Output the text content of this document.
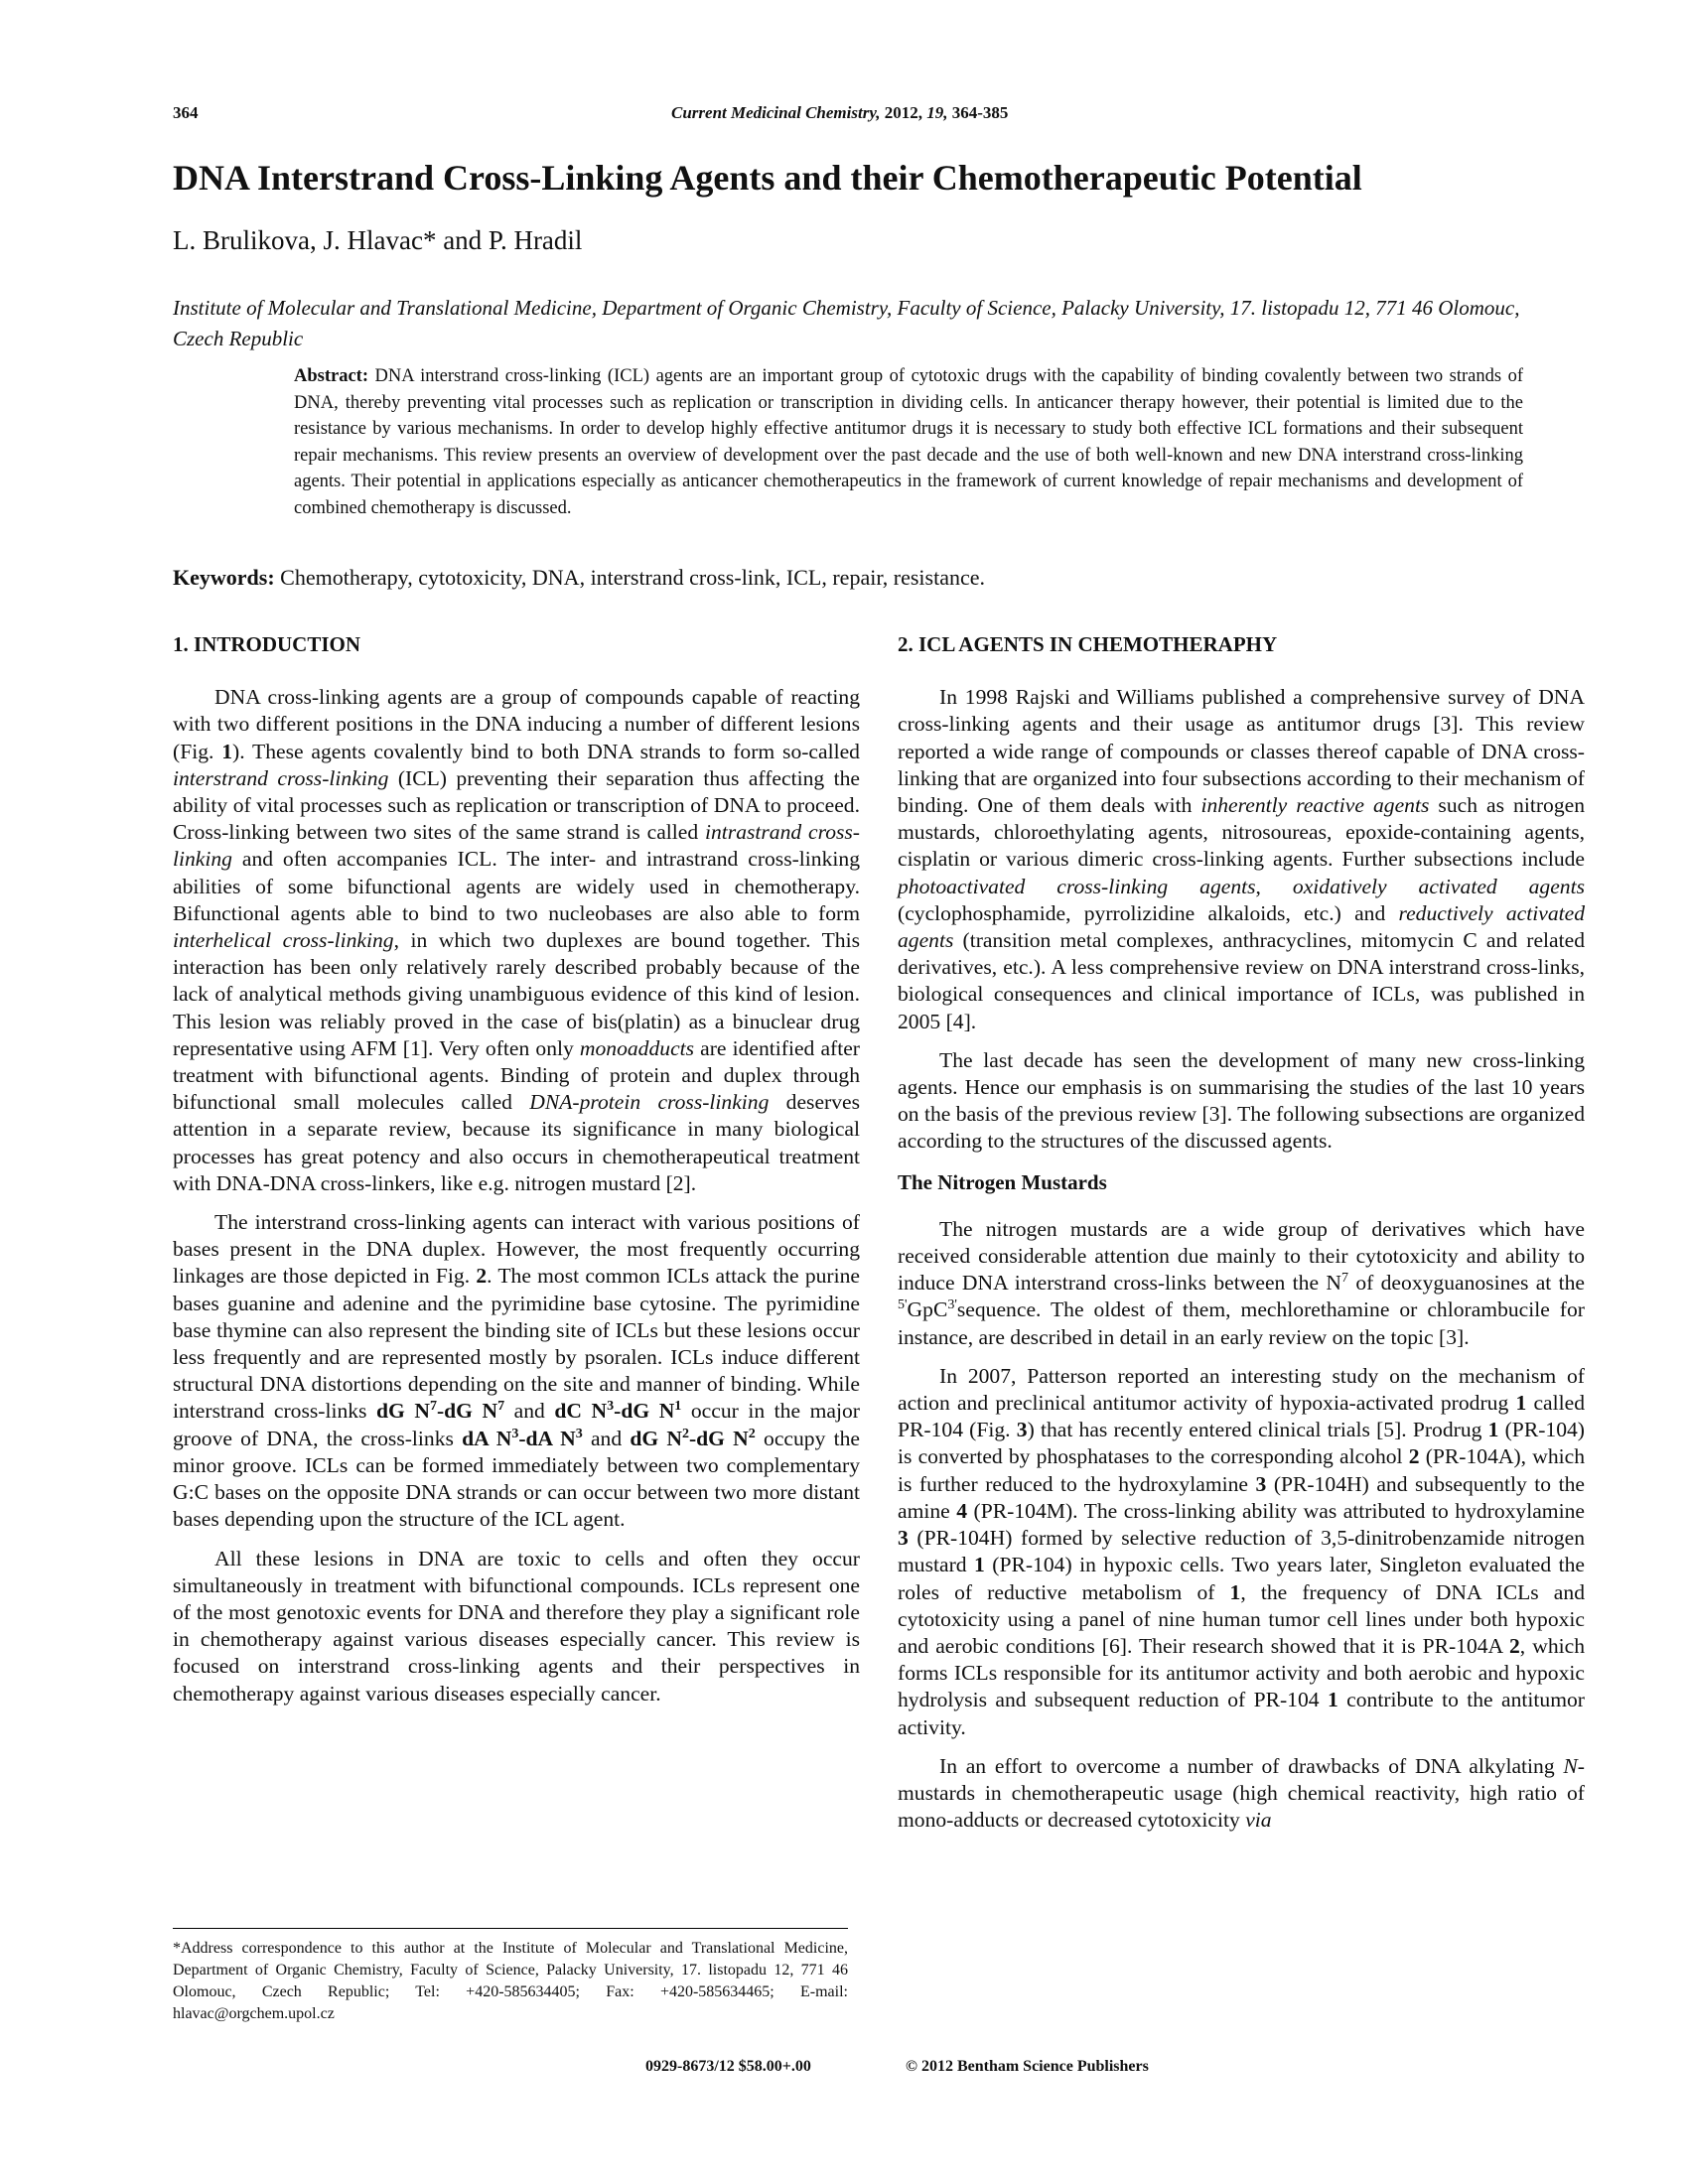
364	Current Medicinal Chemistry, 2012, 19, 364-385
DNA Interstrand Cross-Linking Agents and their Chemotherapeutic Potential
L. Brulikova, J. Hlavac* and P. Hradil
Institute of Molecular and Translational Medicine, Department of Organic Chemistry, Faculty of Science, Palacky University, 17. listopadu 12, 771 46 Olomouc, Czech Republic
Abstract: DNA interstrand cross-linking (ICL) agents are an important group of cytotoxic drugs with the capability of binding covalently between two strands of DNA, thereby preventing vital processes such as replication or transcription in dividing cells. In anticancer therapy however, their potential is limited due to the resistance by various mechanisms. In order to develop highly effective antitumor drugs it is necessary to study both effective ICL formations and their subsequent repair mechanisms. This review presents an overview of development over the past decade and the use of both well-known and new DNA interstrand cross-linking agents. Their potential in applications especially as anticancer chemotherapeutics in the framework of current knowledge of repair mechanisms and development of combined chemotherapy is discussed.
Keywords: Chemotherapy, cytotoxicity, DNA, interstrand cross-link, ICL, repair, resistance.
1. INTRODUCTION

DNA cross-linking agents are a group of compounds capable of reacting with two different positions in the DNA inducing a number of different lesions (Fig. 1). These agents covalently bind to both DNA strands to form so-called interstrand cross-linking (ICL) preventing their separation thus affecting the ability of vital processes such as replication or transcription of DNA to proceed. Cross-linking between two sites of the same strand is called intrastrand cross-linking and often accompanies ICL. The inter- and intrastrand cross-linking abilities of some bifunctional agents are widely used in chemotherapy. Bifunctional agents able to bind to two nucleobases are also able to form interhelical cross-linking, in which two duplexes are bound together. This interaction has been only relatively rarely described probably because of the lack of analytical methods giving unambiguous evidence of this kind of lesion. This lesion was reliably proved in the case of bis(platin) as a binuclear drug representative using AFM [1]. Very often only monoadducts are identified after treatment with bifunctional agents. Binding of protein and duplex through bifunctional small molecules called DNA-protein cross-linking deserves attention in a separate review, because its significance in many biological processes has great potency and also occurs in chemotherapeutical treatment with DNA-DNA cross-linkers, like e.g. nitrogen mustard [2].

The interstrand cross-linking agents can interact with various positions of bases present in the DNA duplex. However, the most frequently occurring linkages are those depicted in Fig. 2. The most common ICLs attack the purine bases guanine and adenine and the pyrimidine base cytosine. The pyrimidine base thymine can also represent the binding site of ICLs but these lesions occur less frequently and are represented mostly by psoralen. ICLs induce different structural DNA distortions depending on the site and manner of binding. While interstrand cross-links dG $N^7-dG$ $N^7$ and dC $N^3-dG$ $N^1$ occur in the major groove of DNA, the cross-links dA $N^3-dA$ $N^3$ and dG $N^2-dG$ $N^2$ occupy the minor groove. ICLs can be formed immediately between two complementary G:C bases on the opposite DNA strands or can occur between two more distant bases depending upon the structure of the ICL agent.

All these lesions in DNA are toxic to cells and often they occur simultaneously in treatment with bifunctional compounds. ICLs represent one of the most genotoxic events for DNA and therefore they play a significant role in chemotherapy against various diseases especially cancer. This review is focused on interstrand cross-linking agents and their perspectives in chemotherapy against various diseases especially cancer.

2. ICL AGENTS IN CHEMOTHERAPHY

In 1998 Rajski and Williams published a comprehensive survey of DNA cross-linking agents and their usage as antitumor drugs [3]. This review reported a wide range of compounds or classes thereof capable of DNA cross-linking that are organized into four subsections according to their mechanism of binding. One of them deals with inherently reactive agents such as nitrogen mustards, chloroethylating agents, nitrosoureas, epoxide-containing agents, cisplatin or various dimeric cross-linking agents. Further subsections include photoactivated cross-linking agents, oxidatively activated agents (cyclophosphamide, pyrrolizidine alkaloids, etc.) and reductively activated agents (transition metal complexes, anthracyclines, mitomycin C and related derivatives, etc.). A less comprehensive review on DNA interstrand cross-links, biological consequences and clinical importance of ICLs, was published in 2005 [4].

The last decade has seen the development of many new cross-linking agents. Hence our emphasis is on summarising the studies of the last 10 years on the basis of the previous review [3]. The following subsections are organized according to the structures of the discussed agents.

The Nitrogen Mustards

The nitrogen mustards are a wide group of derivatives which have received considerable attention due mainly to their cytotoxicity and ability to induce DNA interstrand cross-links between the $N^7$ of deoxyguanosines at the $^{5'}$GpC$^{3'}$sequence. The oldest of them, mechlorethamine or chlorambucile for instance, are described in detail in an early review on the topic [3].

In 2007, Patterson reported an interesting study on the mechanism of action and preclinical antitumor activity of hypoxia-activated prodrug 1 called PR-104 (Fig. 3) that has recently entered clinical trials [5]. Prodrug 1 (PR-104) is converted by phosphatases to the corresponding alcohol 2 (PR-104A), which is further reduced to the hydroxylamine 3 (PR-104H) and subsequently to the amine 4 (PR-104M). The cross-linking ability was attributed to hydroxylamine 3 (PR-104H) formed by selective reduction of 3,5-dinitrobenzamide nitrogen mustard 1 (PR-104) in hypoxic cells. Two years later, Singleton evaluated the roles of reductive metabolism of 1, the frequency of DNA ICLs and cytotoxicity using a panel of nine human tumor cell lines under both hypoxic and aerobic conditions [6]. Their research showed that it is PR-104A 2, which forms ICLs responsible for its antitumor activity and both aerobic and hypoxic hydrolysis and subsequent reduction of PR-104 1 contribute to the antitumor activity.

In an effort to overcome a number of drawbacks of DNA alkylating N-mustards in chemotherapeutic usage (high chemical reactivity, high ratio of mono-adducts or decreased cytotoxicity via

*Address correspondence to this author at the Institute of Molecular and Translational Medicine, Department of Organic Chemistry, Faculty of Science, Palacky University, 17. listopadu 12, 771 46 Olomouc, Czech Republic; Tel: +420-585634405; Fax: +420-585634465; E-mail: hlavac@orgchem.upol.cz
0929-8673/12 $58.00+.00	© 2012 Bentham Science Publishers
